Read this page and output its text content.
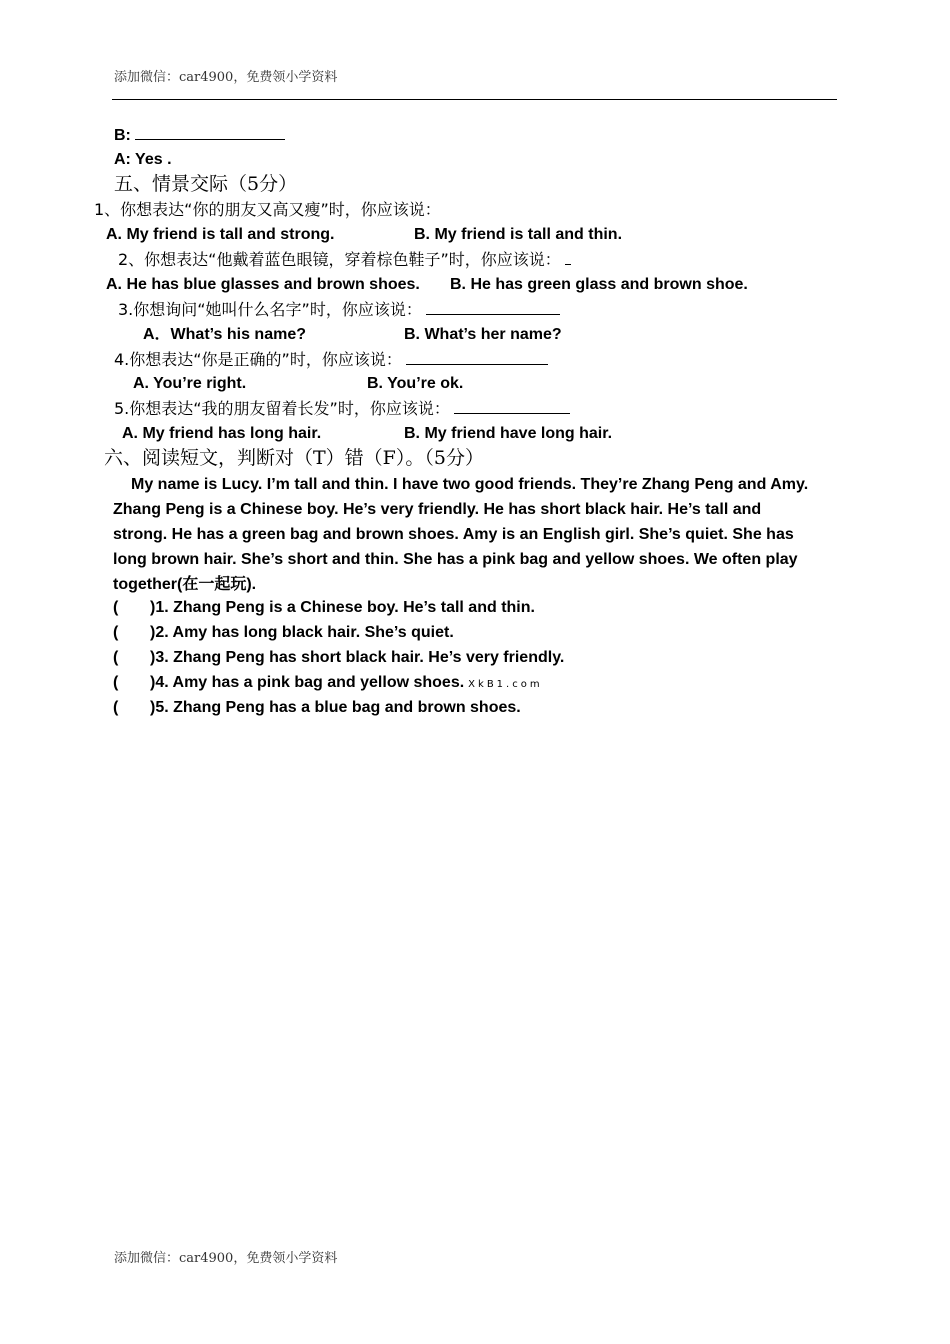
添加微信：car4900，免费领小学资料
B:
A: Yes .
五、情景交际（5分）
1、你想表达“你的朋友又高又瘦”时，你应该说：
A. My friend is tall and strong.	B. My friend is tall and thin.
2、你想表达“他戴着蓝色眼镜，穿着棕色鞋子”时，你应该说：
A. He has blue glasses and brown shoes. B. He has green glass and brown shoe.
3.你想询问“她叫什么名字”时，你应该说：
A．What’s his name?	B. What’s her name?
4.你想表达“你是正确的”时，你应该说：
A. You’re right.	B. You’re ok.
5.你想表达“我的朋友留着长发”时，你应该说：
A. My friend has long hair.	B. My friend have long hair.
六、阅读短文，判断对（T）错（F）。（5分）
My name is Lucy. I’m tall and thin. I have two good friends. They’re Zhang Peng and Amy. Zhang Peng is a Chinese boy. He’s very friendly. He has short black hair. He’s tall and strong. He has a green bag and brown shoes. Amy is an English girl. She’s quiet. She has long brown hair. She’s short and thin. She has a pink bag and yellow shoes. We often play together(在一起玩).
( )1. Zhang Peng is a Chinese boy. He’s tall and thin.
( )2. Amy has long black hair. She’s quiet.
( )3. Zhang Peng has short black hair. He’s very friendly.
( )4. Amy has a pink bag and yellow shoes. XkB1.com
( )5. Zhang Peng has a blue bag and brown shoes.
添加微信：car4900，免费领小学资料
